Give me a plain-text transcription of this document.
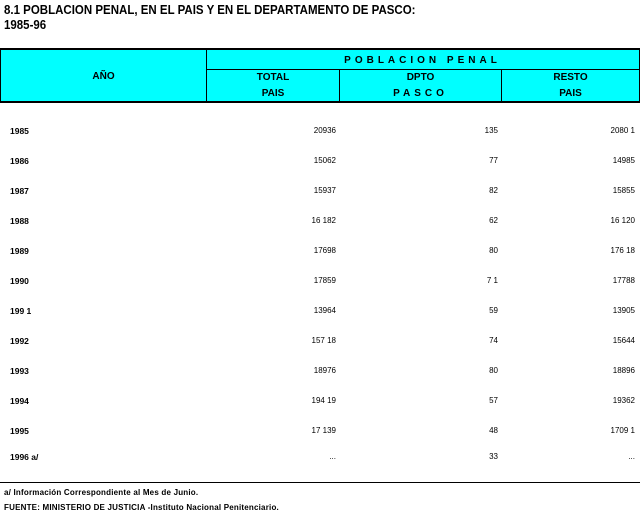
8.1 POBLACION PENAL, EN EL PAIS Y EN EL DEPARTAMENTO DE PASCO:
1985-96
AÑO
POBLACION PENAL
TOTAL
PAIS
DPTO
PASCO
RESTO
PAIS
1985	20936	135	2080 1
1986	15062	77	14985
1987	15937	82	15855
1988	16 182	62	16 120
1989	17698	80	176 18
1990	17859	7 1	17788
199 1	13964	59	13905
1992	157 18	74	15644
1993	18976	80	18896
1994	194 19	57	19362
1995	17 139	48	1709 1
1996 a/	...	33	...
a/ Información Correspondiente al Mes de Junio.
FUENTE: MINISTERIO DE JUSTICIA -Instituto Nacional Penitenciario.
